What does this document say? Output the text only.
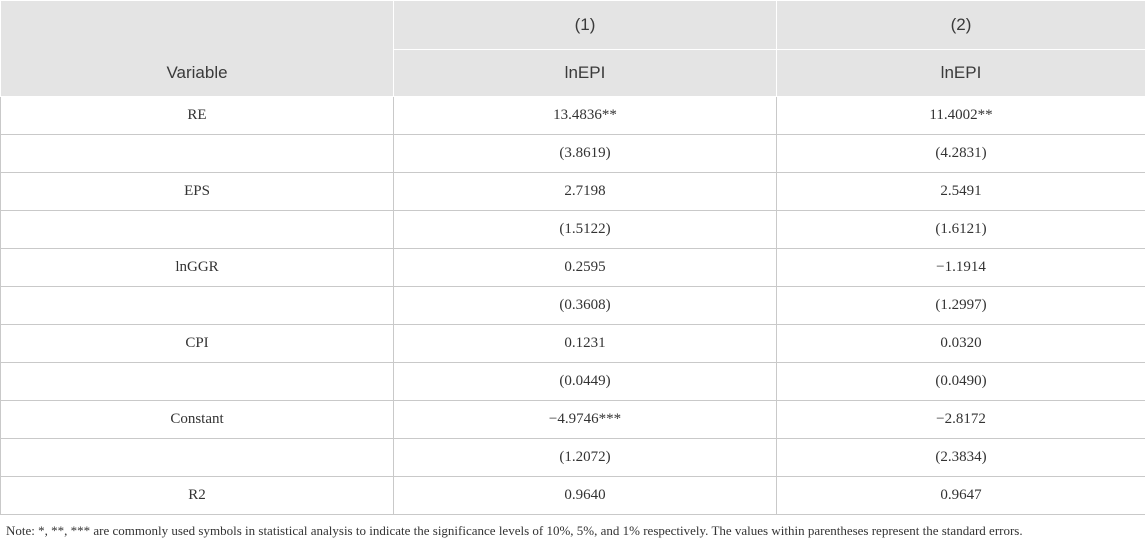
	(1)	(2)
Variable	lnEPI	lnEPI
RE	13.4836**	11.4002**
	(3.8619)	(4.2831)
EPS	2.7198	2.5491
	(1.5122)	(1.6121)
lnGGR	0.2595	−1.1914
	(0.3608)	(1.2997)
CPI	0.1231	0.0320
	(0.0449)	(0.0490)
Constant	−4.9746***	−2.8172
	(1.2072)	(2.3834)
R2	0.9640	0.9647
Note: *, **, *** are commonly used symbols in statistical analysis to indicate the significance levels of 10%, 5%, and 1% respectively. The values within parentheses represent the standard errors.
